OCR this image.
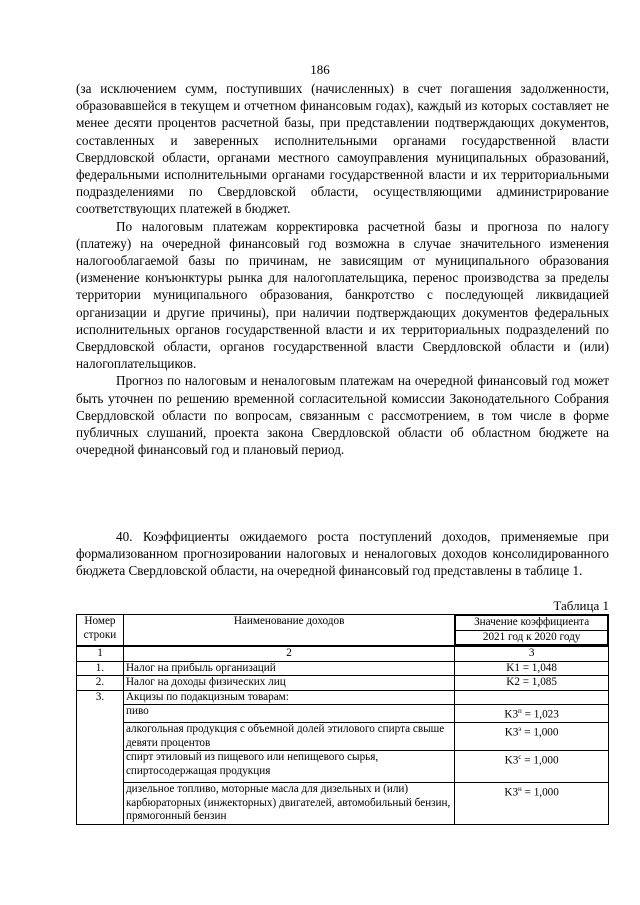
186

(за исключением сумм, поступивших (начисленных) в счет погашения задолженности, образовавшейся в текущем и отчетном финансовым годах), каждый из которых составляет не менее десяти процентов расчетной базы, при представлении подтверждающих документов, составленных и заверенных исполнительными органами государственной власти Свердловской области, органами местного самоуправления муниципальных образований, федеральными исполнительными органами государственной власти и их территориальными подразделениями по Свердловской области, осуществляющими администрирование соответствующих платежей в бюджет.

По налоговым платежам корректировка расчетной базы и прогноза по налогу (платежу) на очередной финансовый год возможна в случае значительного изменения налогооблагаемой базы по причинам, не зависящим от муниципального образования (изменение конъюнктуры рынка для налогоплательщика, перенос производства за пределы территории муниципального образования, банкротство с последующей ликвидацией организации и другие причины), при наличии подтверждающих документов федеральных исполнительных органов государственной власти и их территориальных подразделений по Свердловской области, органов государственной власти Свердловской области и (или) налогоплательщиков.

Прогноз по налоговым и неналоговым платежам на очередной финансовый год может быть уточнен по решению временной согласительной комиссии Законодательного Собрания Свердловской области по вопросам, связанным с рассмотрением, в том числе в форме публичных слушаний, проекта закона Свердловской области об областном бюджете на очередной финансовый год и плановый период.

40. Коэффициенты ожидаемого роста поступлений доходов, применяемые при формализованном прогнозировании налоговых и неналоговых доходов консолидированного бюджета Свердловской области, на очередной финансовый год представлены в таблице 1.

Таблица 1
Номер строки	Наименование доходов		Значение коэффициента
2021 год к 2020 году

1	2	3
1.	Налог на прибыль организаций	K1 = 1,048
2.	Налог на доходы физических лиц	K2 = 1,085
3.	Акцизы по подакцизным товарам:	
пиво	$K3^п = 1,023$
алкогольная продукция с объемной долей этилового спирта свыше девяти процентов	$K3^э = 1,000$
спирт этиловый из пищевого или непищевого сырья, спиртосодержащая продукция	$K3^с = 1,000$
дизельное топливо, моторные масла для дизельных и (или) карбюраторных (инжекторных) двигателей, автомобильный бензин, прямогонный бензин	$K3^н = 1,000$
